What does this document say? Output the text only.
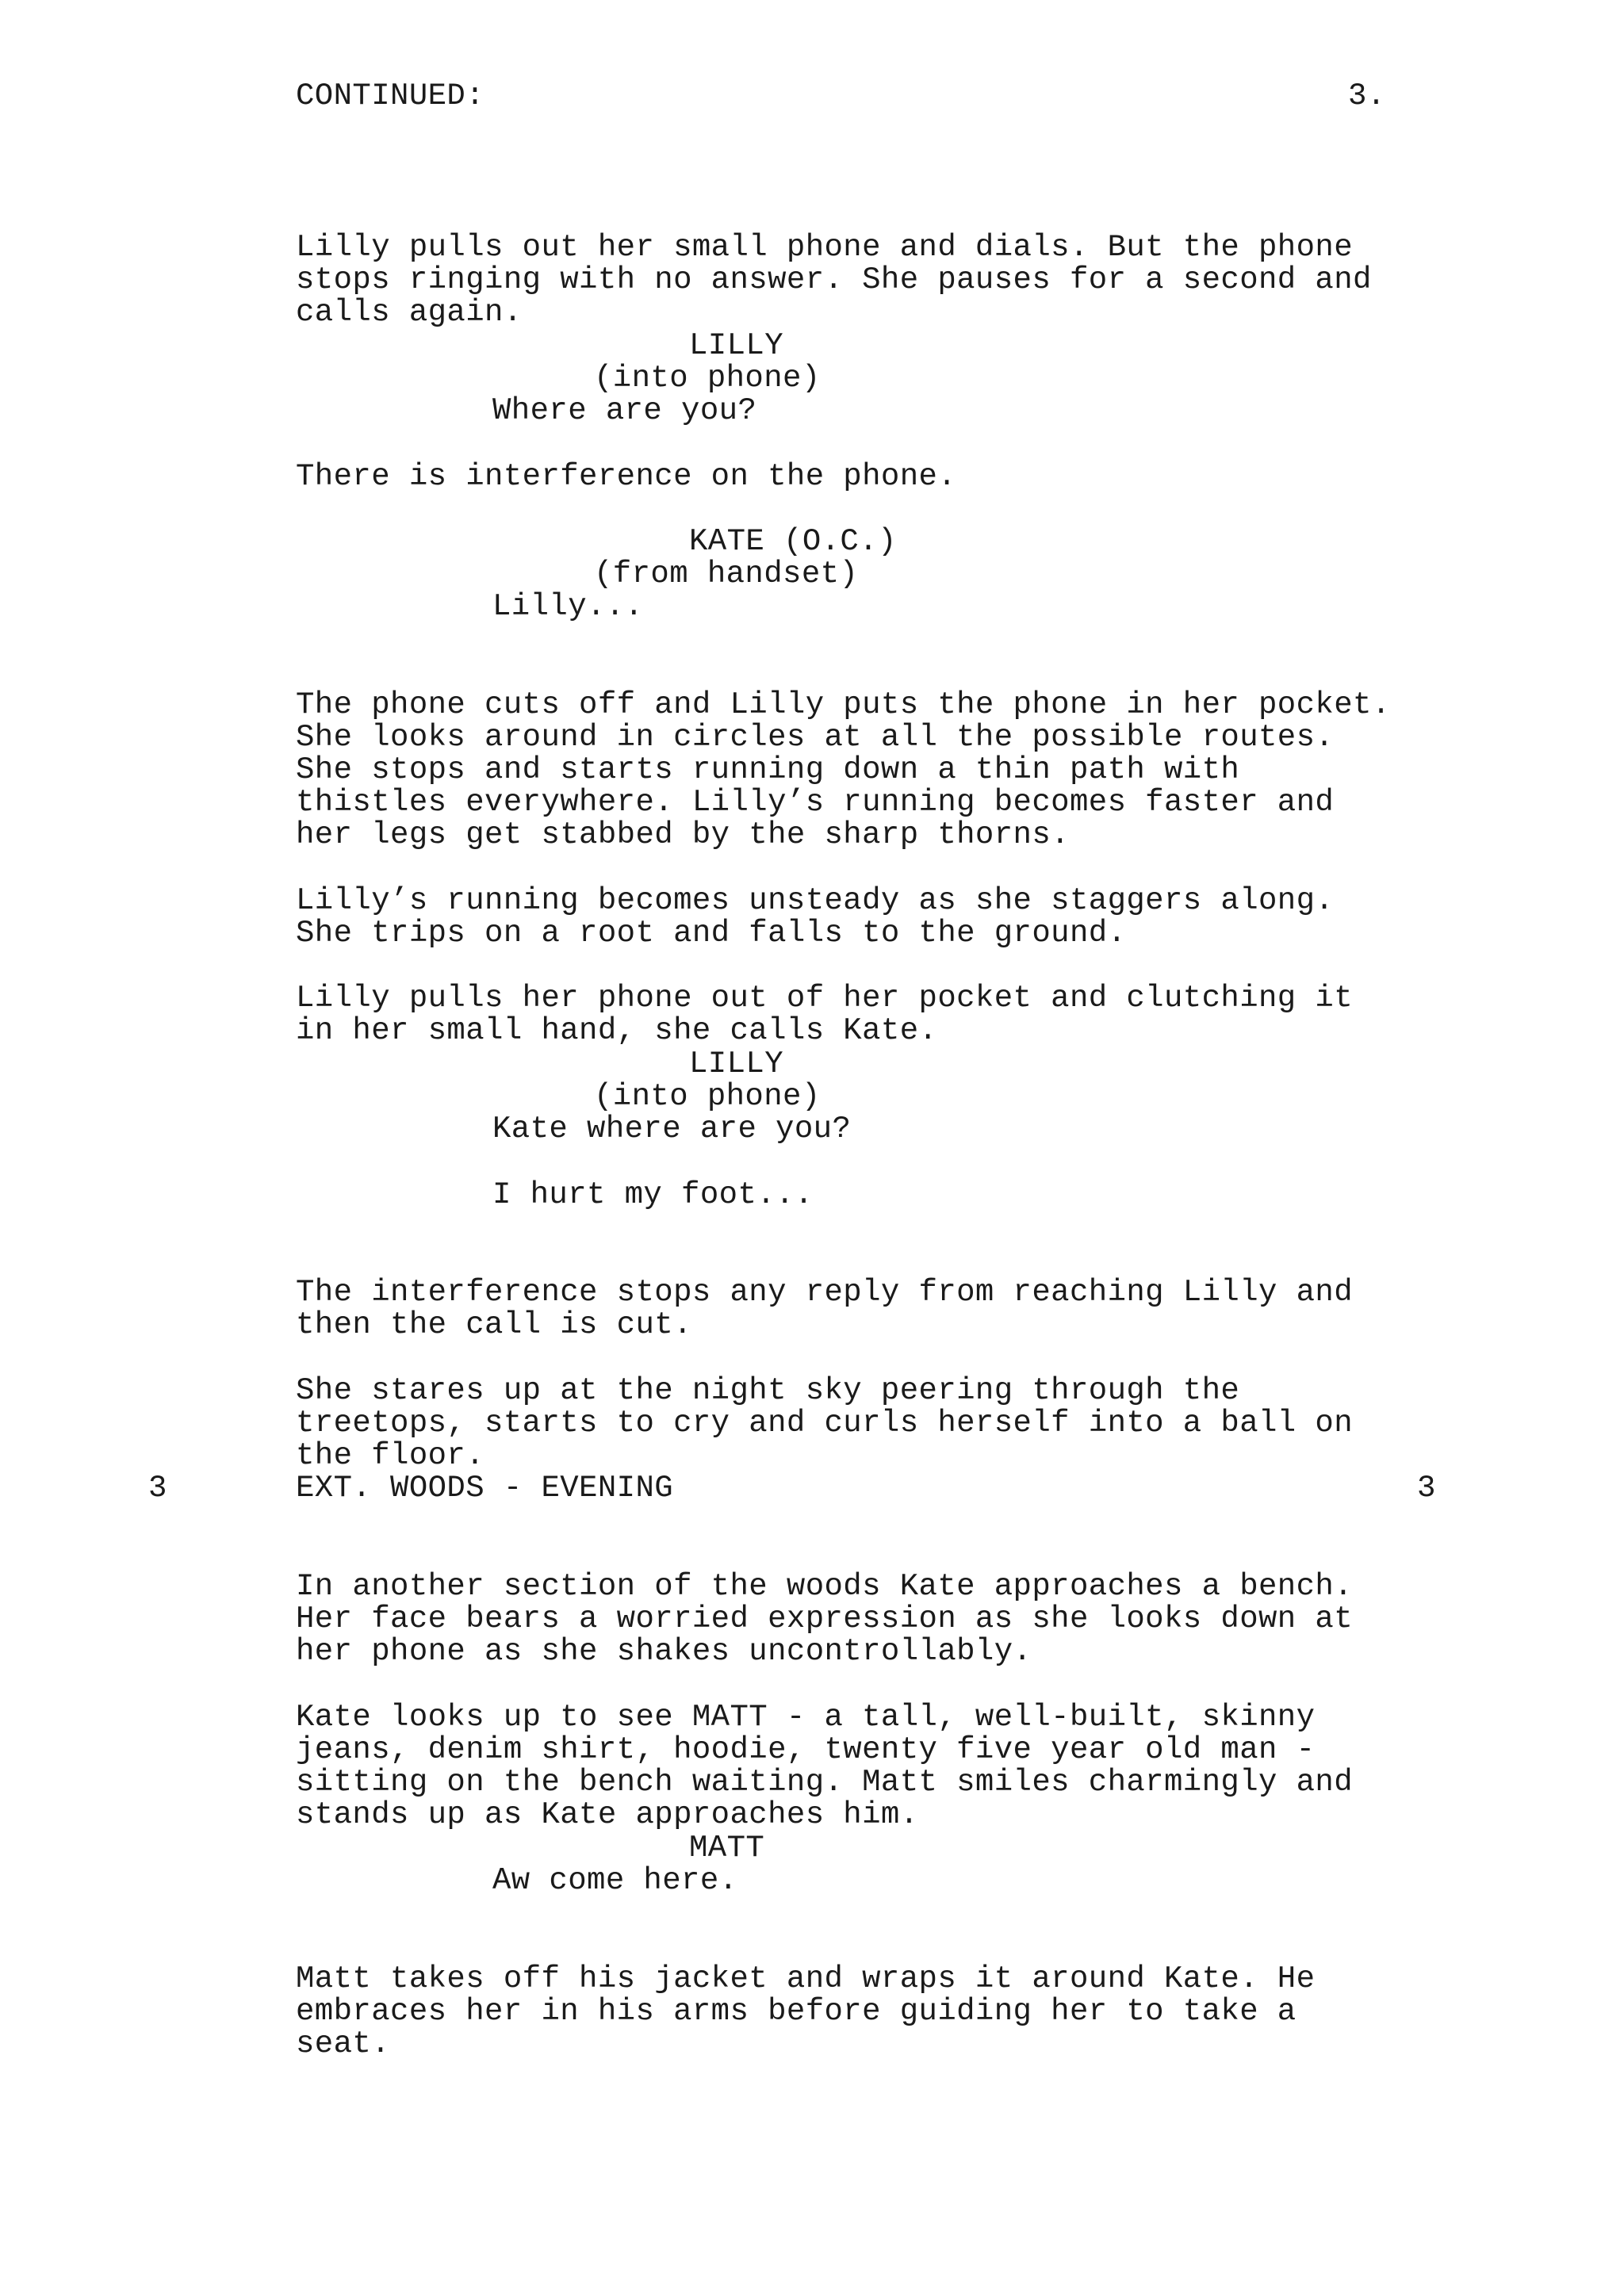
CONTINUED:	3.

Lilly pulls out her small phone and dials. But the phone
stops ringing with no answer. She pauses for a second and
calls again.

LILLY
(into phone)
Where are you?
There is interference on the phone.
KATE (O.C.)
(from handset)
Lilly...

The phone cuts off and Lilly puts the phone in her pocket.
She looks around in circles at all the possible routes.
She stops and starts running down a thin path with
thistles everywhere. Lilly’s running becomes faster and
her legs get stabbed by the sharp thorns.

Lilly’s running becomes unsteady as she staggers along.
She trips on a root and falls to the ground.

Lilly pulls her phone out of her pocket and clutching it
in her small hand, she calls Kate.

LILLY
(into phone)
Kate where are you?
I hurt my foot...

The interference stops any reply from reaching Lilly and
then the call is cut.

She stares up at the night sky peering through the
treetops, starts to cry and curls herself into a ball on
the floor.

3	EXT. WOODS - EVENING	3

In another section of the woods Kate approaches a bench.
Her face bears a worried expression as she looks down at
her phone as she shakes uncontrollably.

Kate looks up to see MATT - a tall, well-built, skinny
jeans, denim shirt, hoodie, twenty five year old man -
sitting on the bench waiting. Matt smiles charmingly and
stands up as Kate approaches him.

MATT
Aw come here.

Matt takes off his jacket and wraps it around Kate. He
embraces her in his arms before guiding her to take a
seat.
